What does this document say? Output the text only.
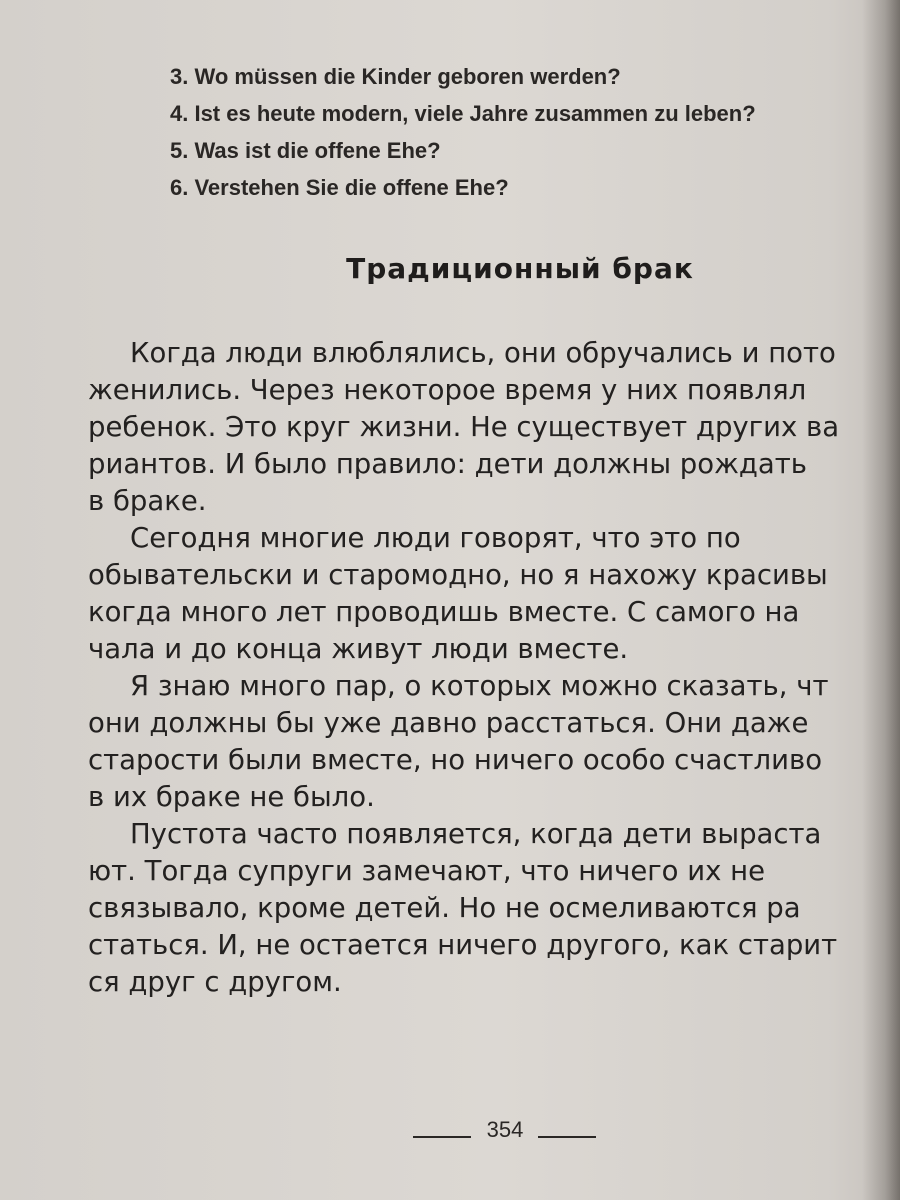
3. Wo müssen die Kinder geboren werden?
4. Ist es heute modern, viele Jahre zusammen zu leben?
5. Was ist die offene Ehe?
6. Verstehen Sie die offene Ehe?
Традиционный брак
Когда люди влюблялись, они обручались и пото
женились. Через некоторое время у них появлял
ребенок. Это круг жизни. Не существует других ва
риантов. И было правило: дети должны рождать
в браке.
Сегодня многие люди говорят, что это по
обывательски и старомодно, но я нахожу красивы
когда много лет проводишь вместе. С самого на
чала и до конца живут люди вместе.
Я знаю много пар, о которых можно сказать, чт
они должны бы уже давно расстаться. Они даже
старости были вместе, но ничего особо счастливо
в их браке не было.
Пустота часто появляется, когда дети выраста
ют. Тогда супруги замечают, что ничего их не
связывало, кроме детей. Но не осмеливаются ра
статься. И, не остается ничего другого, как старит
ся друг с другом.
354
